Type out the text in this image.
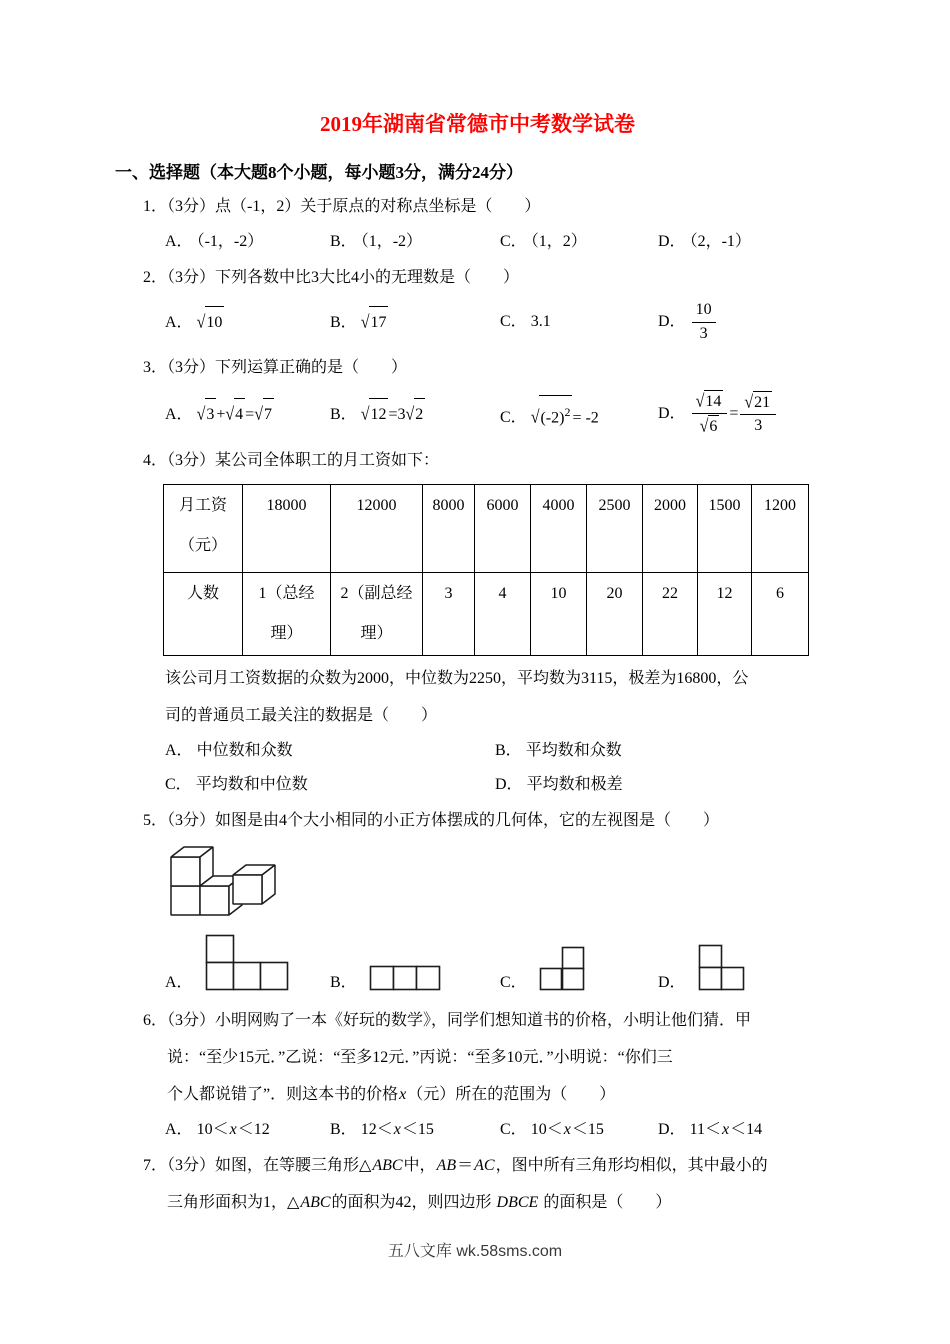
2019年湖南省常德市中考数学试卷
一、选择题（本大题8个小题，每小题3分，满分24分）

1．（3分）点（-1，2）关于原点的对称点坐标是（　　）

A． （-1，-2）	B． （1，-2）	C． （1，2）	D． （2，-1）

2．（3分）下列各数中比3大比4小的无理数是（　　）

A． √10	B． √17	C． 3.1	D． $\frac{10}{3}$

3．（3分）下列运算正确的是（　　）

A． √3 +√4 =√7	B． √12 =3√2	C． $√(-2)^2 = -2$	D． $\frac{√14}{√6} = \frac{√21}{3}$

4．（3分）某公司全体职工的月工资如下：

月工资（元）	18000	12000	8000	6000	4000	2500	2000	1500	1200
人数	1（总经理）	2（副总经理）	3	4	10	20	22	12	6

该公司月工资数据的众数为2000，中位数为2250，平均数为3115，极差为16800，公
司的普通员工最关注的数据是（　　）

A． 中位数和众数	B． 平均数和众数
C． 平均数和中位数	D． 平均数和极差

5．（3分）如图是由4个大小相同的小正方体摆成的几何体，它的左视图是（　　）

A．	B．	C．	D．

6．（3分）小明网购了一本《好玩的数学》，同学们想知道书的价格，小明让他们猜．甲
说：“至少15元．”乙说：“至多12元．”丙说：“至多10元．”小明说：“你们三
个人都说错了”．则这本书的价格x（元）所在的范围为（　　）

A． 10＜x＜12	B． 12＜x＜15	C． 10＜x＜15	D． 11＜x＜14

7．（3分）如图，在等腰三角形△ABC中，AB＝AC，图中所有三角形均相似，其中最小的
三角形面积为1，△ABC的面积为42，则四边形 DBCE 的面积是（　　）

五八文库 wk.58sms.com
